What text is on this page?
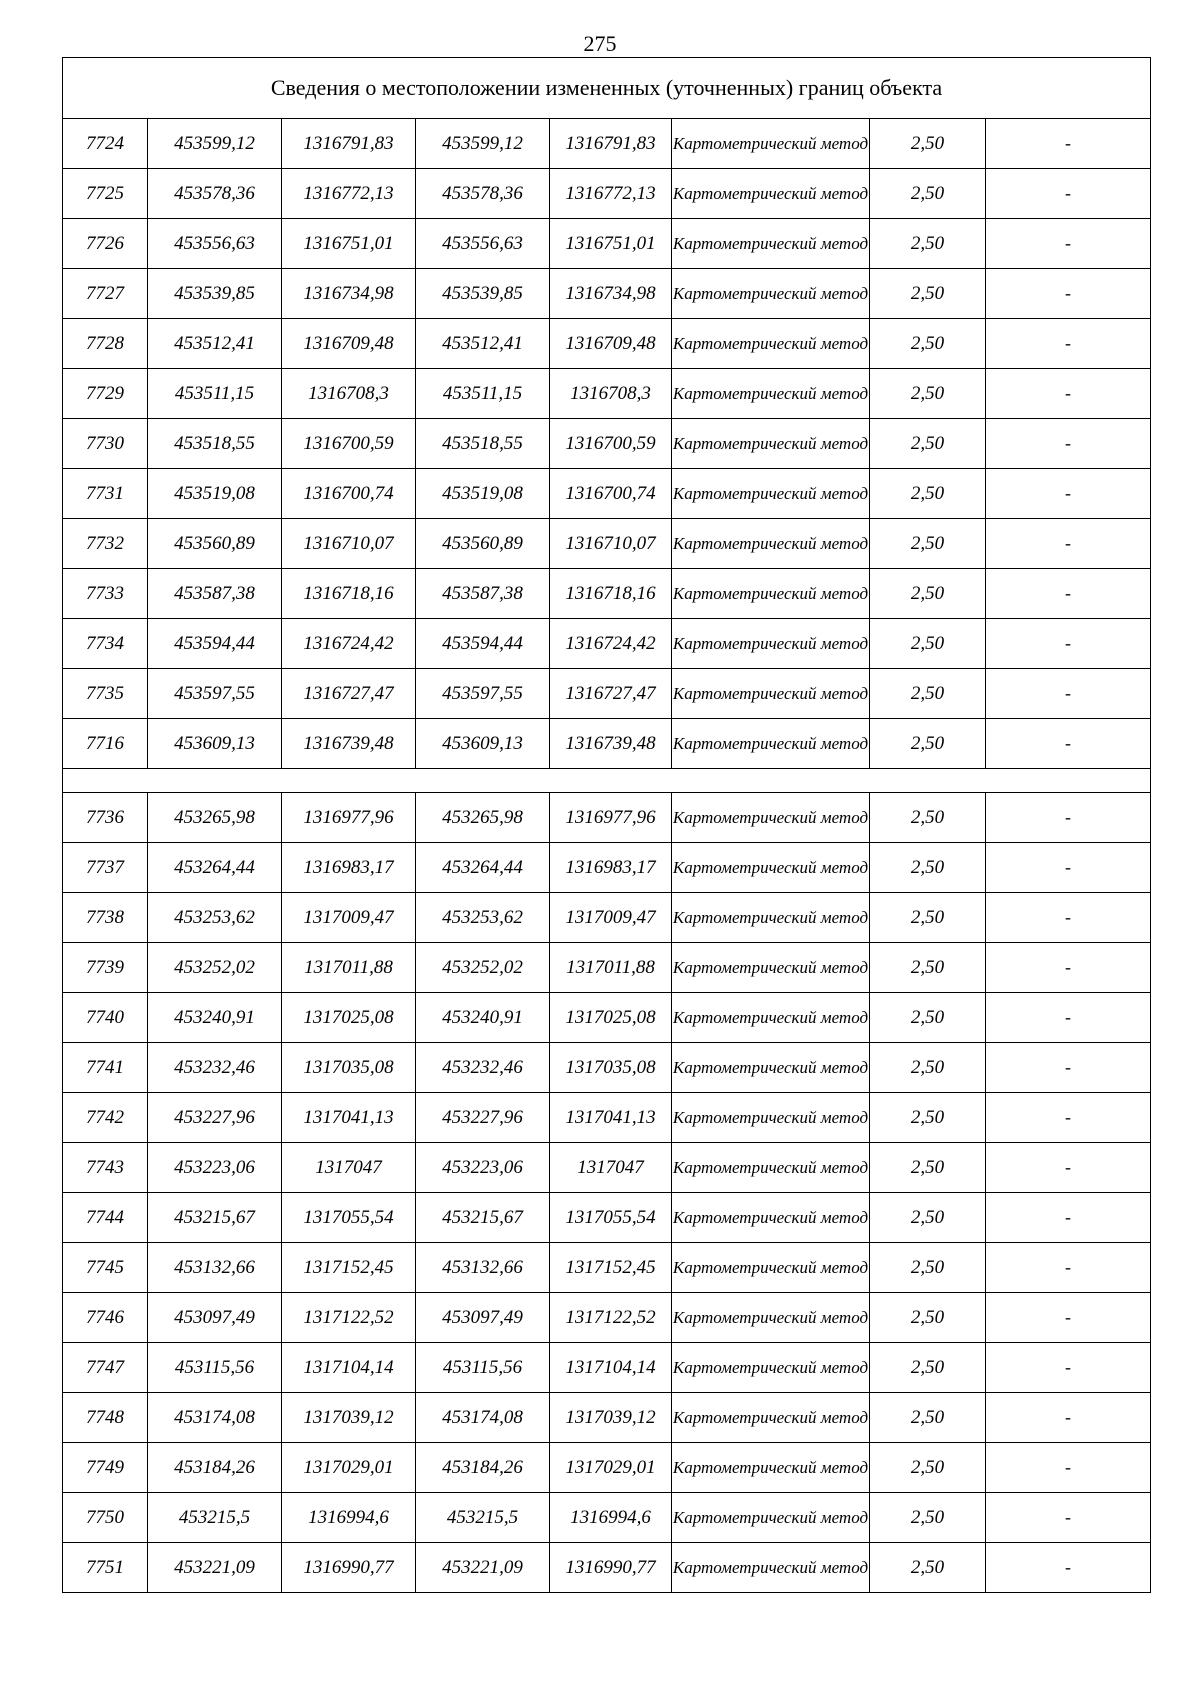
275
Сведения о местоположении измененных (уточненных) границ объекта							
7724	453599,12	1316791,83	453599,12	1316791,83	Картометрический метод	2,50	-
7725	453578,36	1316772,13	453578,36	1316772,13	Картометрический метод	2,50	-
7726	453556,63	1316751,01	453556,63	1316751,01	Картометрический метод	2,50	-
7727	453539,85	1316734,98	453539,85	1316734,98	Картометрический метод	2,50	-
7728	453512,41	1316709,48	453512,41	1316709,48	Картометрический метод	2,50	-
7729	453511,15	1316708,3	453511,15	1316708,3	Картометрический метод	2,50	-
7730	453518,55	1316700,59	453518,55	1316700,59	Картометрический метод	2,50	-
7731	453519,08	1316700,74	453519,08	1316700,74	Картометрический метод	2,50	-
7732	453560,89	1316710,07	453560,89	1316710,07	Картометрический метод	2,50	-
7733	453587,38	1316718,16	453587,38	1316718,16	Картометрический метод	2,50	-
7734	453594,44	1316724,42	453594,44	1316724,42	Картометрический метод	2,50	-
7735	453597,55	1316727,47	453597,55	1316727,47	Картометрический метод	2,50	-
7716	453609,13	1316739,48	453609,13	1316739,48	Картометрический метод	2,50	-

7736	453265,98	1316977,96	453265,98	1316977,96	Картометрический метод	2,50	-
7737	453264,44	1316983,17	453264,44	1316983,17	Картометрический метод	2,50	-
7738	453253,62	1317009,47	453253,62	1317009,47	Картометрический метод	2,50	-
7739	453252,02	1317011,88	453252,02	1317011,88	Картометрический метод	2,50	-
7740	453240,91	1317025,08	453240,91	1317025,08	Картометрический метод	2,50	-
7741	453232,46	1317035,08	453232,46	1317035,08	Картометрический метод	2,50	-
7742	453227,96	1317041,13	453227,96	1317041,13	Картометрический метод	2,50	-
7743	453223,06	1317047	453223,06	1317047	Картометрический метод	2,50	-
7744	453215,67	1317055,54	453215,67	1317055,54	Картометрический метод	2,50	-
7745	453132,66	1317152,45	453132,66	1317152,45	Картометрический метод	2,50	-
7746	453097,49	1317122,52	453097,49	1317122,52	Картометрический метод	2,50	-
7747	453115,56	1317104,14	453115,56	1317104,14	Картометрический метод	2,50	-
7748	453174,08	1317039,12	453174,08	1317039,12	Картометрический метод	2,50	-
7749	453184,26	1317029,01	453184,26	1317029,01	Картометрический метод	2,50	-
7750	453215,5	1316994,6	453215,5	1316994,6	Картометрический метод	2,50	-
7751	453221,09	1316990,77	453221,09	1316990,77	Картометрический метод	2,50	-
